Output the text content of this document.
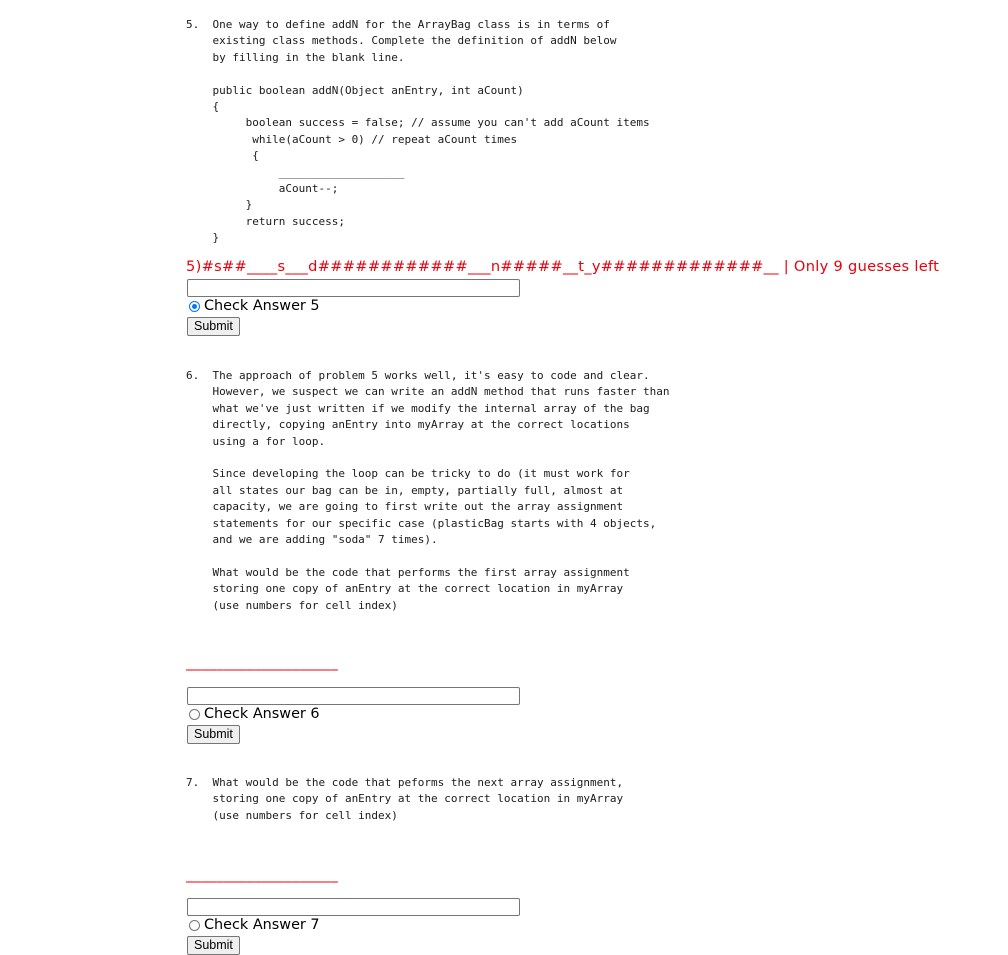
5.  One way to define addN for the ArrayBag class is in terms of
existing class methods. Complete the definition of addN below
by filling in the blank line.

public boolean addN(Object anEntry, int aCount)
{
boolean success = false; // assume you can't add aCount items
while(aCount > 0) // repeat aCount times
{
___________________
aCount--;
}
return success;
}
5)#s##____s___d############___n#####__t_y#############__ | Only 9 guesses left
Check Answer 5
Submit
6.  The approach of problem 5 works well, it's easy to code and clear.
However, we suspect we can write an addN method that runs faster than
what we've just written if we modify the internal array of the bag
directly, copying anEntry into myArray at the correct locations
using a for loop.

Since developing the loop can be tricky to do (it must work for
all states our bag can be in, empty, partially full, almost at
capacity, we are going to first write out the array assignment
statements for our specific case (plasticBag starts with 4 objects,
and we are adding "soda" 7 times).

What would be the code that performs the first array assignment
storing one copy of anEntry at the correct location in myArray
(use numbers for cell index)
____________________
Check Answer 6
Submit
7.  What would be the code that peforms the next array assignment,
storing one copy of anEntry at the correct location in myArray
(use numbers for cell index)
____________________
Check Answer 7
Submit
